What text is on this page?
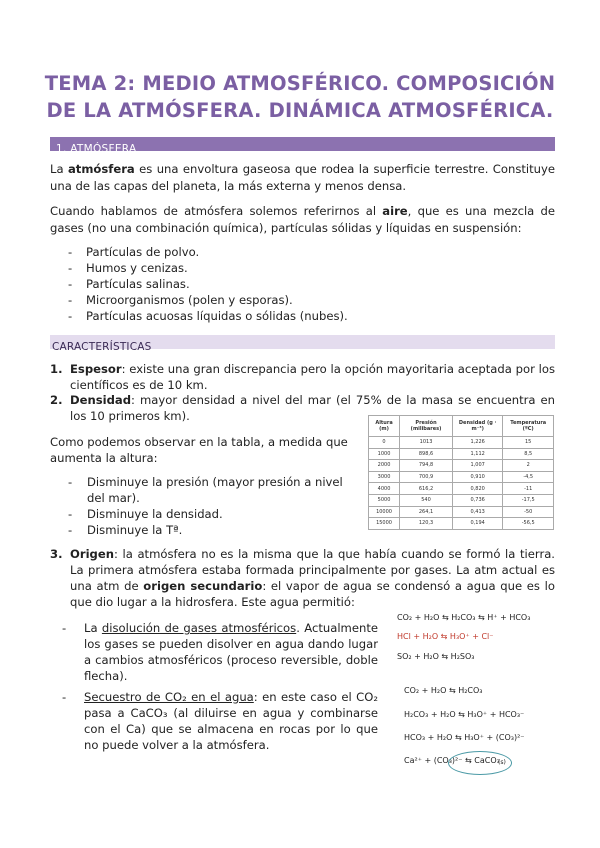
TEMA 2: MEDIO ATMOSFÉRICO. COMPOSICIÓN
DE LA ATMÓSFERA. DINÁMICA ATMOSFÉRICA.
1. ATMÓSFERA
La atmósfera es una envoltura gaseosa que rodea la superficie terrestre. Constituye una de las capas del planeta, la más externa y menos densa.
Cuando hablamos de atmósfera solemos referirnos al aire, que es una mezcla de gases (no una combinación química), partículas sólidas y líquidas en suspensión:
- Partículas de polvo.
- Humos y cenizas.
- Partículas salinas.
- Microorganismos (polen y esporas).
- Partículas acuosas líquidas o sólidas (nubes).
CARACTERÍSTICAS
1. Espesor: existe una gran discrepancia pero la opción mayoritaria aceptada por los científicos es de 10 km.
2. Densidad: mayor densidad a nivel del mar (el 75% de la masa se encuentra en los 10 primeros km).
Como podemos observar en la tabla, a medida que aumenta la altura:
- Disminuye la presión (mayor presión a nivel del mar).
- Disminuye la densidad.
- Disminuye la Tª.
Altura (m)	Presión (milibares)	Densidad (g · m⁻³)	Temperatura (ºC)
0	1013	1,226	15
1000	898,6	1,112	8,5
2000	794,8	1,007	2
3000	700,9	0,910	-4,5
4000	616,2	0,820	-11
5000	540	0,736	-17,5
10000	264,1	0,413	-50
15000	120,3	0,194	-56,5
3. Origen: la atmósfera no es la misma que la que había cuando se formó la tierra. La primera atmósfera estaba formada principalmente por gases. La atm actual es una atm de origen secundario: el vapor de agua se condensó a agua que es lo que dio lugar a la hidrosfera. Este agua permitió:
- La disolución de gases atmosféricos. Actualmente los gases se pueden disolver en agua dando lugar a cambios atmosféricos (proceso reversible, doble flecha).
- Secuestro de CO₂ en el agua: en este caso el CO₂ pasa a CaCO₃ (al diluirse en agua y combinarse con el Ca) que se almacena en rocas por lo que no puede volver a la atmósfera.
CO₂ + H₂O ⇆ H₂CO₃ ⇆ H⁺ + HCO₃
HCl + H₂O ⇆ H₃O⁺ + Cl⁻
SO₂ + H₂O ⇆ H₂SO₃
CO₂ + H₂O ⇆ H₂CO₃
H₂CO₃ + H₂O ⇆ H₃O⁺ + HCO₃⁻
HCO₃ + H₂O ⇆ H₃O⁺ + (CO₃)²⁻
Ca²⁺ + (CO₃)²⁻ ⇆ CaCO₃
(s)
